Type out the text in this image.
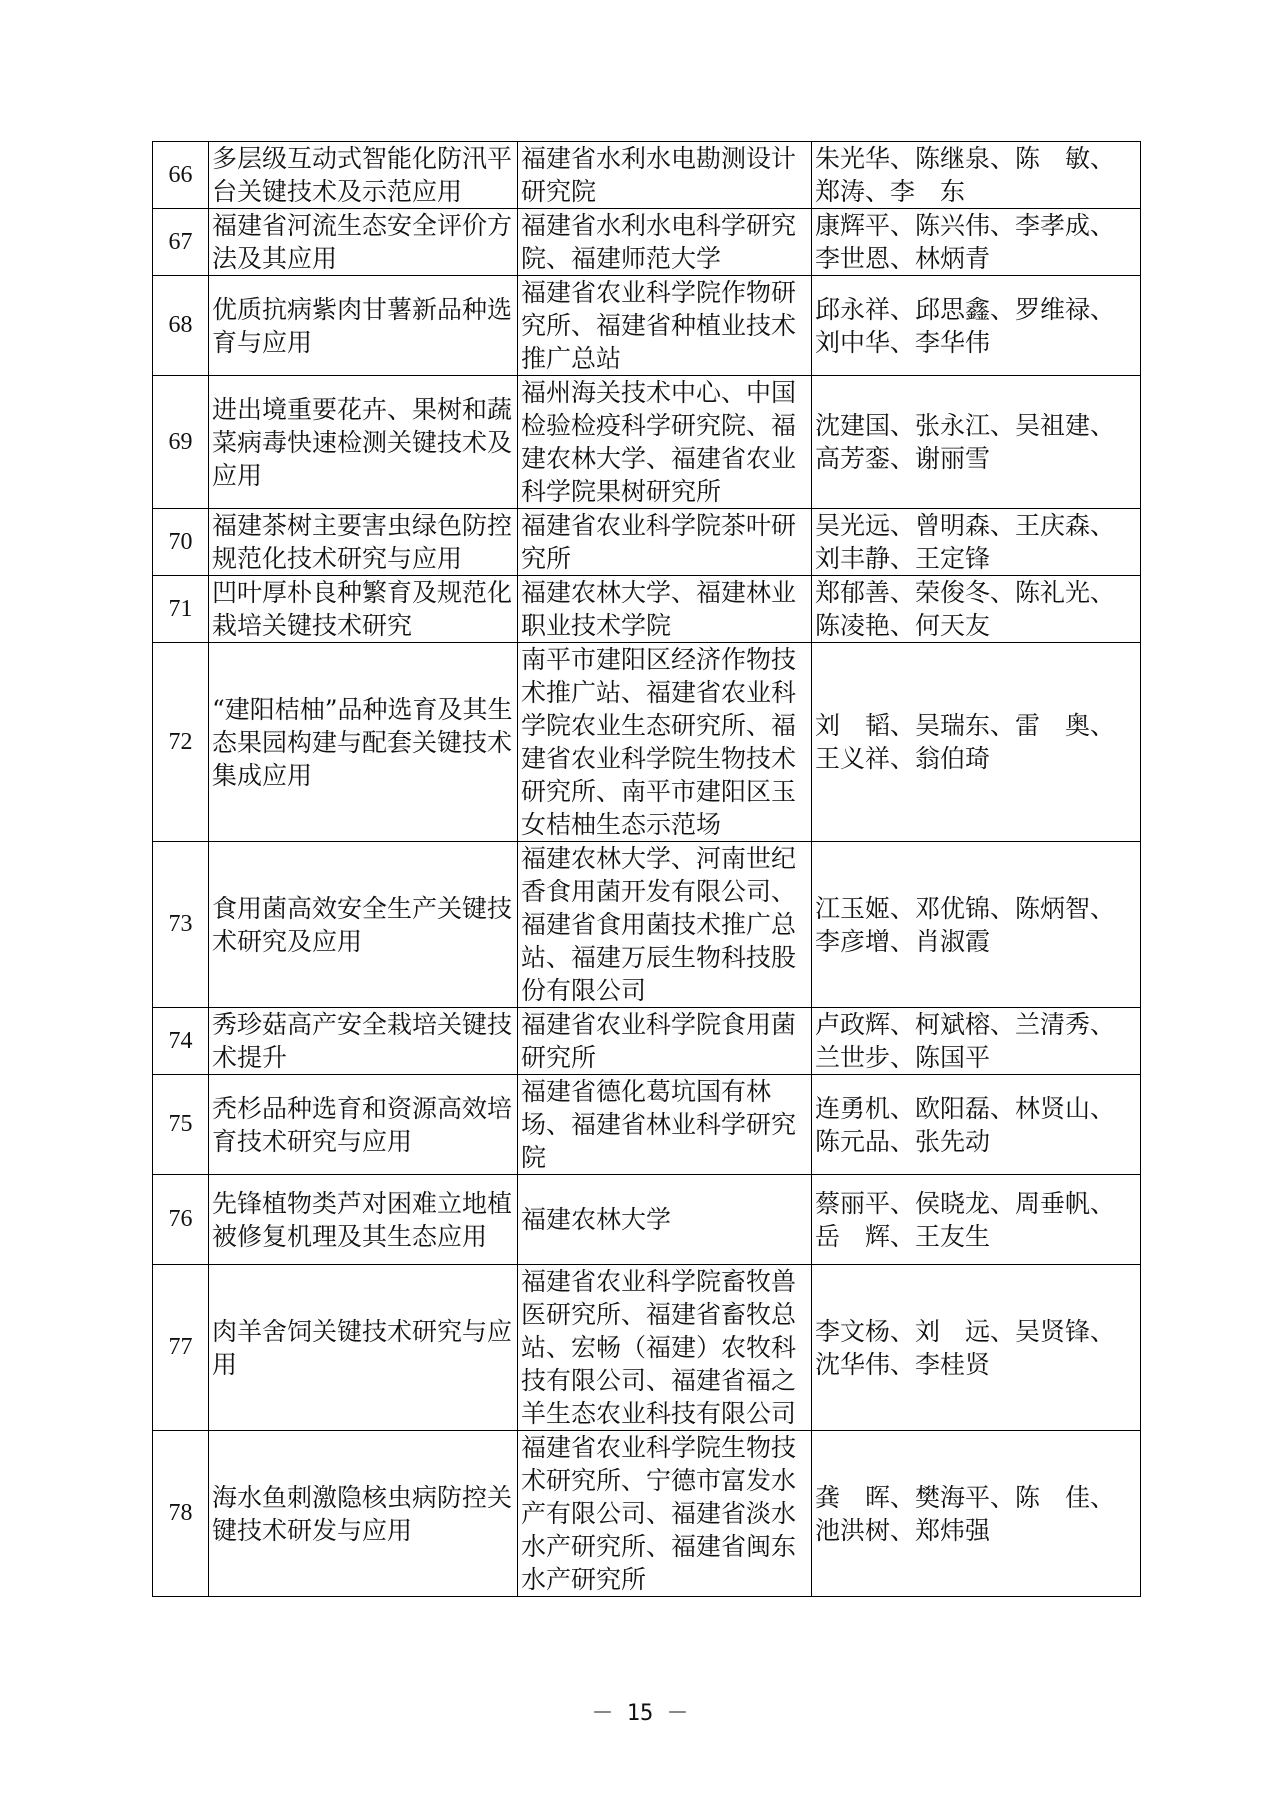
66	多层级互动式智能化防汛平台关键技术及示范应用	福建省水利水电勘测设计研究院	朱光华、陈继泉、陈　敏、郑涛、李　东
67	福建省河流生态安全评价方法及其应用	福建省水利水电科学研究院、福建师范大学	康辉平、陈兴伟、李孝成、李世恩、林炳青
68	优质抗病紫肉甘薯新品种选育与应用	福建省农业科学院作物研究所、福建省种植业技术推广总站	邱永祥、邱思鑫、罗维禄、刘中华、李华伟
69	进出境重要花卉、果树和蔬菜病毒快速检测关键技术及应用	福州海关技术中心、中国检验检疫科学研究院、福建农林大学、福建省农业科学院果树研究所	沈建国、张永江、吴祖建、高芳銮、谢丽雪
70	福建茶树主要害虫绿色防控规范化技术研究与应用	福建省农业科学院茶叶研究所	吴光远、曾明森、王庆森、刘丰静、王定锋
71	凹叶厚朴良种繁育及规范化栽培关键技术研究	福建农林大学、福建林业职业技术学院	郑郁善、荣俊冬、陈礼光、陈凌艳、何天友
72	“建阳桔柚”品种选育及其生态果园构建与配套关键技术集成应用	南平市建阳区经济作物技术推广站、福建省农业科学院农业生态研究所、福建省农业科学院生物技术研究所、南平市建阳区玉女桔柚生态示范场	刘　韬、吴瑞东、雷　奥、王义祥、翁伯琦
73	食用菌高效安全生产关键技术研究及应用	福建农林大学、河南世纪香食用菌开发有限公司、福建省食用菌技术推广总站、福建万辰生物科技股份有限公司	江玉姬、邓优锦、陈炳智、李彦增、肖淑霞
74	秀珍菇高产安全栽培关键技术提升	福建省农业科学院食用菌研究所	卢政辉、柯斌榕、兰清秀、兰世步、陈国平
75	秃杉品种选育和资源高效培育技术研究与应用	福建省德化葛坑国有林场、福建省林业科学研究院	连勇机、欧阳磊、林贤山、陈元品、张先动
76	先锋植物类芦对困难立地植被修复机理及其生态应用	福建农林大学	蔡丽平、侯晓龙、周垂帆、岳　辉、王友生
77	肉羊舍饲关键技术研究与应用	福建省农业科学院畜牧兽医研究所、福建省畜牧总站、宏畅（福建）农牧科技有限公司、福建省福之羊生态农业科技有限公司	李文杨、刘　远、吴贤锋、沈华伟、李桂贤
78	海水鱼刺激隐核虫病防控关键技术研发与应用	福建省农业科学院生物技术研究所、宁德市富发水产有限公司、福建省淡水水产研究所、福建省闽东水产研究所	龚　晖、樊海平、陈　佳、池洪树、郑炜强
－ 15 －
